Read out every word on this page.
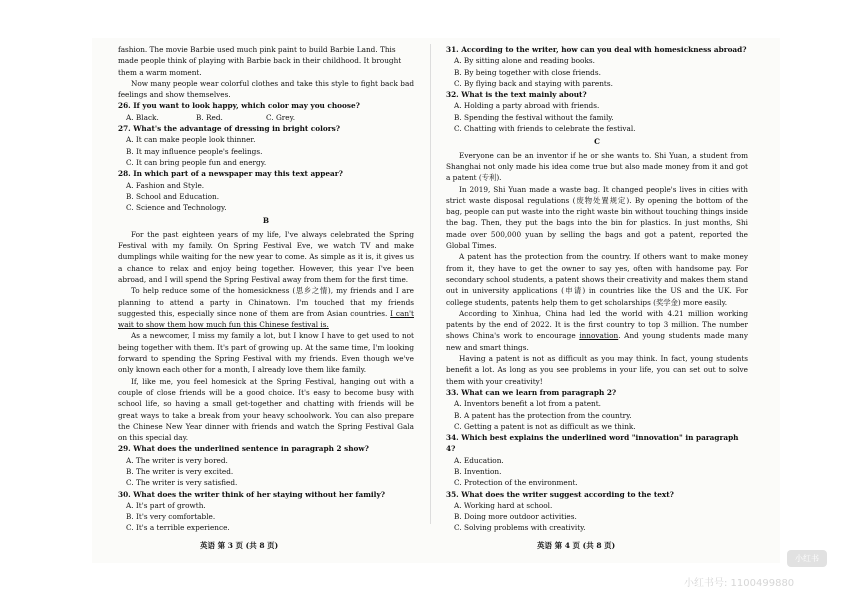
fashion. The movie Barbie used much pink paint to build Barbie Land. This made people think of playing with Barbie back in their childhood. It brought them a warm moment.

Now many people wear colorful clothes and take this style to fight back bad feelings and show themselves.

26. If you want to look happy, which color may you choose?

A. Black.	B. Red.	C. Grey.

27. What's the advantage of dressing in bright colors?

A. It can make people look thinner.

B. It may influence people's feelings.

C. It can bring people fun and energy.

28. In which part of a newspaper may this text appear?

A. Fashion and Style.

B. School and Education.

C. Science and Technology.

B

For the past eighteen years of my life, I've always celebrated the Spring Festival with my family. On Spring Festival Eve, we watch TV and make dumplings while waiting for the new year to come. As simple as it is, it gives us a chance to relax and enjoy being together. However, this year I've been abroad, and I will spend the Spring Festival away from them for the first time.

To help reduce some of the homesickness (思乡之情), my friends and I are planning to attend a party in Chinatown. I'm touched that my friends suggested this, especially since none of them are from Asian countries. I can't wait to show them how much fun this Chinese festival is.

As a newcomer, I miss my family a lot, but I know I have to get used to not being together with them. It's part of growing up. At the same time, I'm looking forward to spending the Spring Festival with my friends. Even though we've only known each other for a month, I already love them like family.

If, like me, you feel homesick at the Spring Festival, hanging out with a couple of close friends will be a good choice. It's easy to become busy with school life, so having a small get-together and chatting with friends will be great ways to take a break from your heavy schoolwork. You can also prepare the Chinese New Year dinner with friends and watch the Spring Festival Gala on this special day.

29. What does the underlined sentence in paragraph 2 show?

A. The writer is very bored.

B. The writer is very excited.

C. The writer is very satisfied.

30. What does the writer think of her staying without her family?

A. It's part of growth.

B. It's very comfortable.

C. It's a terrible experience.

31. According to the writer, how can you deal with homesickness abroad?

A. By sitting alone and reading books.

B. By being together with close friends.

C. By flying back and staying with parents.

32. What is the text mainly about?

A. Holding a party abroad with friends.

B. Spending the festival without the family.

C. Chatting with friends to celebrate the festival.

C

Everyone can be an inventor if he or she wants to. Shi Yuan, a student from Shanghai not only made his idea come true but also made money from it and got a patent (专利).

In 2019, Shi Yuan made a waste bag. It changed people's lives in cities with strict waste disposal regulations (废物处置规定). By opening the bottom of the bag, people can put waste into the right waste bin without touching things inside the bag. Then, they put the bags into the bin for plastics. In just months, Shi made over 500,000 yuan by selling the bags and got a patent, reported the Global Times.

A patent has the protection from the country. If others want to make money from it, they have to get the owner to say yes, often with handsome pay. For secondary school students, a patent shows their creativity and makes them stand out in university applications (申请) in countries like the US and the UK. For college students, patents help them to get scholarships (奖学金) more easily.

According to Xinhua, China had led the world with 4.21 million working patents by the end of 2022. It is the first country to top 3 million. The number shows China's work to encourage innovation. And young students made many new and smart things.

Having a patent is not as difficult as you may think. In fact, young students benefit a lot. As long as you see problems in your life, you can set out to solve them with your creativity!

33. What can we learn from paragraph 2?

A. Inventors benefit a lot from a patent.

B. A patent has the protection from the country.

C. Getting a patent is not as difficult as we think.

34. Which best explains the underlined word "innovation" in paragraph 4?

A. Education.

B. Invention.

C. Protection of the environment.

35. What does the writer suggest according to the text?

A. Working hard at school.

B. Doing more outdoor activities.

C. Solving problems with creativity.

英语 第 3 页 (共 8 页)	英语 第 4 页 (共 8 页)
小红书
小红书号: 1100499880
